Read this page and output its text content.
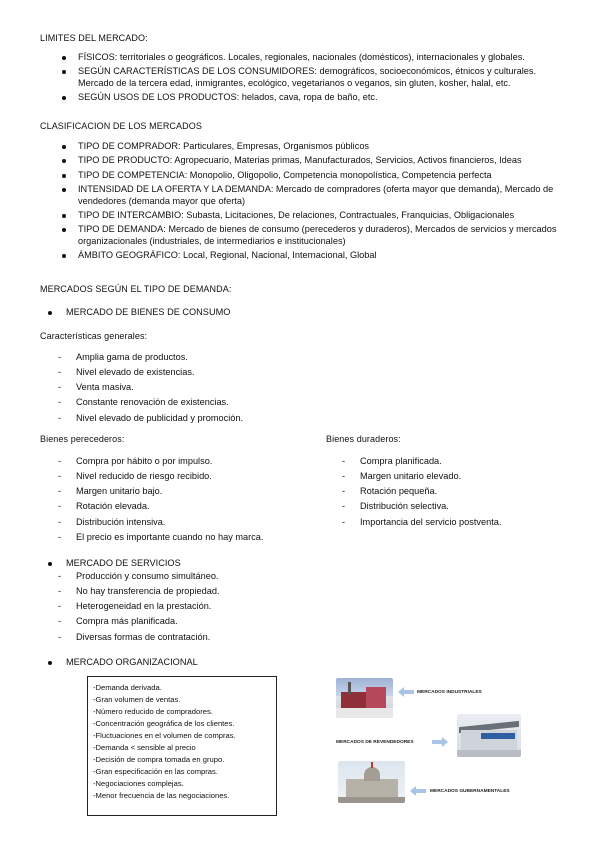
LIMITES DEL MERCADO:
FÍSICOS: territoriales o geográficos. Locales, regionales, nacionales (domésticos), internacionales y globales.
SEGÚN CARACTERÍSTICAS DE LOS CONSUMIDORES: demográficos, socioeconómicos, étnicos y culturales. Mercado de la tercera edad, inmigrantes, ecológico, vegetarianos o veganos, sin gluten, kosher, halal, etc.
SEGÚN USOS DE LOS PRODUCTOS: helados, cava, ropa de baño, etc.
CLASIFICACION DE LOS MERCADOS
TIPO DE COMPRADOR: Particulares, Empresas, Organismos públicos
TIPO DE PRODUCTO: Agropecuario, Materias primas, Manufacturados, Servicios, Activos financieros, Ideas
TIPO DE COMPETENCIA: Monopolio, Oligopolio, Competencia monopolística, Competencia perfecta
INTENSIDAD DE LA OFERTA Y LA DEMANDA: Mercado de compradores (oferta mayor que demanda), Mercado de vendedores (demanda mayor que oferta)
TIPO DE INTERCAMBIO: Subasta, Licitaciones, De relaciones, Contractuales, Franquicias, Obligacionales
TIPO DE DEMANDA: Mercado de bienes de consumo (perecederos y duraderos), Mercados de servicios y mercados organizacionales (industriales, de intermediarios e institucionales)
ÁMBITO GEOGRÁFICO: Local, Regional, Nacional, Internacional, Global
MERCADOS SEGÚN EL TIPO DE DEMANDA:
MERCADO DE BIENES DE CONSUMO
Características generales:
- Amplia gama de productos.
- Nivel elevado de existencias.
- Venta masiva.
- Constante renovación de existencias.
- Nivel elevado de publicidad y promoción.
Bienes perecederos:
- Compra por hábito o por impulso.
- Nivel reducido de riesgo recibido.
- Margen unitario bajo.
- Rotación elevada.
- Distribución intensiva.
- El precio es importante cuando no hay marca.
Bienes duraderos:
- Compra planificada.
- Margen unitario elevado.
- Rotación pequeña.
- Distribución selectiva.
- Importancia del servicio postventa.
MERCADO DE SERVICIOS
- Producción y consumo simultáneo.
- No hay transferencia de propiedad.
- Heterogeneidad en la prestación.
- Compra más planificada.
- Diversas formas de contratación.
MERCADO ORGANIZACIONAL
-Demanda derivada.
-Gran volumen de ventas.
-Número reducido de compradores.
-Concentración geográfica de los clientes.
-Fluctuaciones en el volumen de compras.
-Demanda < sensible al precio
-Decisión de compra tomada en grupo.
-Gran especificación en las compras.
-Negociaciones complejas.
-Menor frecuencia de las negociaciones.
MERCADOS INDUSTRIALES
MERCADOS DE REVENDEDORES
MERCADOS GUBERNAMENTALES
